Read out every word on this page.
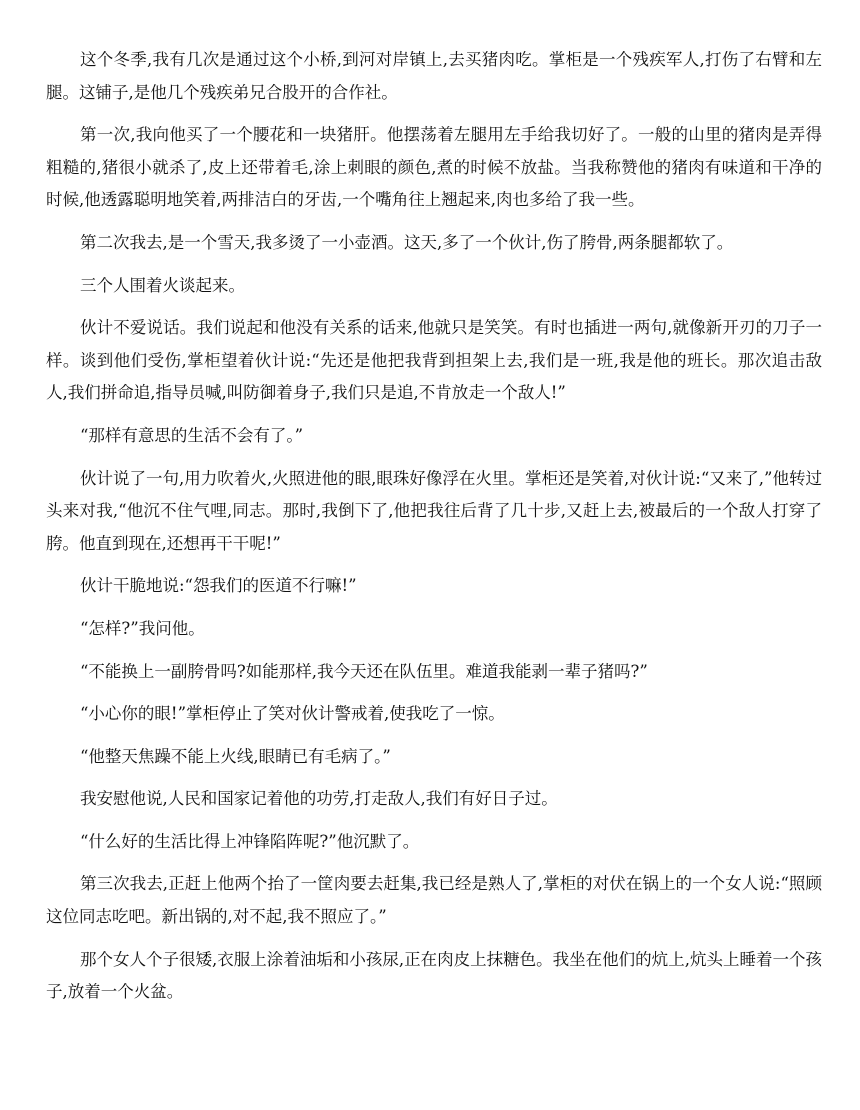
这个冬季,我有几次是通过这个小桥,到河对岸镇上,去买猪肉吃。掌柜是一个残疾军人,打伤了右臂和左腿。这铺子,是他几个残疾弟兄合股开的合作社。

第一次,我向他买了一个腰花和一块猪肝。他摆荡着左腿用左手给我切好了。一般的山里的猪肉是弄得粗糙的,猪很小就杀了,皮上还带着毛,涂上刺眼的颜色,煮的时候不放盐。当我称赞他的猪肉有味道和干净的时候,他透露聪明地笑着,两排洁白的牙齿,一个嘴角往上翘起来,肉也多给了我一些。

第二次我去,是一个雪天,我多烫了一小壶酒。这天,多了一个伙计,伤了胯骨,两条腿都软了。

三个人围着火谈起来。

伙计不爱说话。我们说起和他没有关系的话来,他就只是笑笑。有时也插进一两句,就像新开刃的刀子一样。谈到他们受伤,掌柜望着伙计说:“先还是他把我背到担架上去,我们是一班,我是他的班长。那次追击敌人,我们拼命追,指导员喊,叫防御着身子,我们只是追,不肯放走一个敌人!”

“那样有意思的生活不会有了。”

伙计说了一句,用力吹着火,火照进他的眼,眼珠好像浮在火里。掌柜还是笑着,对伙计说:“又来了,”他转过头来对我,“他沉不住气哩,同志。那时,我倒下了,他把我往后背了几十步,又赶上去,被最后的一个敌人打穿了胯。他直到现在,还想再干干呢!”

伙计干脆地说:“怨我们的医道不行嘛!”

“怎样?”我问他。

“不能换上一副胯骨吗?如能那样,我今天还在队伍里。难道我能剥一辈子猪吗?”

“小心你的眼!”掌柜停止了笑对伙计警戒着,使我吃了一惊。

“他整天焦躁不能上火线,眼睛已有毛病了。”

我安慰他说,人民和国家记着他的功劳,打走敌人,我们有好日子过。

“什么好的生活比得上冲锋陷阵呢?”他沉默了。

第三次我去,正赶上他两个抬了一筐肉要去赶集,我已经是熟人了,掌柜的对伏在锅上的一个女人说:“照顾这位同志吃吧。新出锅的,对不起,我不照应了。”

那个女人个子很矮,衣服上涂着油垢和小孩尿,正在肉皮上抹糖色。我坐在他们的炕上,炕头上睡着一个孩子,放着一个火盆。
